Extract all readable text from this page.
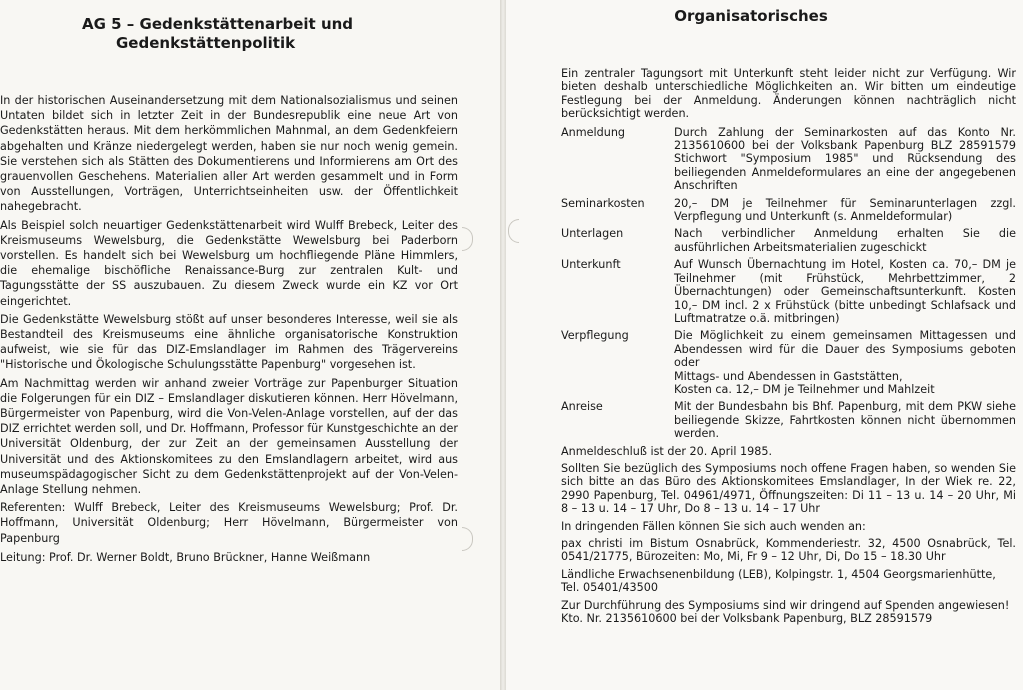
AG 5 – Gedenkstättenarbeit und
Gedenkstättenpolitik

In der historischen Auseinandersetzung mit dem Nationalsozialismus und seinen Untaten bildet sich in letzter Zeit in der Bundesrepublik eine neue Art von Gedenkstätten heraus. Mit dem herkömmlichen Mahnmal, an dem Gedenkfeiern abgehalten und Kränze niedergelegt werden, haben sie nur noch wenig gemein. Sie verstehen sich als Stätten des Dokumentierens und Informierens am Ort des grauenvollen Geschehens. Materialien aller Art werden gesammelt und in Form von Ausstellungen, Vorträgen, Unterrichtseinheiten usw. der Öffentlichkeit nahegebracht.

Als Beispiel solch neuartiger Gedenkstättenarbeit wird Wulff Brebeck, Leiter des Kreismuseums Wewelsburg, die Gedenkstätte Wewelsburg bei Paderborn vorstellen. Es handelt sich bei Wewelsburg um hochfliegende Pläne Himmlers, die ehemalige bischöfliche Renaissance-Burg zur zentralen Kult- und Tagungsstätte der SS auszubauen. Zu diesem Zweck wurde ein KZ vor Ort eingerichtet.

Die Gedenkstätte Wewelsburg stößt auf unser besonderes Interesse, weil sie als Bestandteil des Kreismuseums eine ähnliche organisatorische Konstruktion aufweist, wie sie für das DIZ-Emslandlager im Rahmen des Trägervereins "Historische und Ökologische Schulungsstätte Papenburg" vorgesehen ist.

Am Nachmittag werden wir anhand zweier Vorträge zur Papenburger Situation die Folgerungen für ein DIZ – Emslandlager diskutieren können. Herr Hövelmann, Bürgermeister von Papenburg, wird die Von-Velen-Anlage vorstellen, auf der das DIZ errichtet werden soll, und Dr. Hoffmann, Professor für Kunstgeschichte an der Universität Oldenburg, der zur Zeit an der gemeinsamen Ausstellung der Universität und des Aktionskomitees zu den Emslandlagern arbeitet, wird aus museumspädagogischer Sicht zu dem Gedenkstättenprojekt auf der Von-Velen-Anlage Stellung nehmen.

Referenten: Wulff Brebeck, Leiter des Kreismuseums Wewelsburg; Prof. Dr. Hoffmann, Universität Oldenburg; Herr Hövelmann, Bürgermeister von Papenburg

Leitung: Prof. Dr. Werner Boldt, Bruno Brückner, Hanne Weißmann

Organisatorisches

Ein zentraler Tagungsort mit Unterkunft steht leider nicht zur Verfügung. Wir bieten deshalb unterschiedliche Möglichkeiten an. Wir bitten um eindeutige Festlegung bei der Anmeldung. Änderungen können nachträglich nicht berücksichtigt werden.

Anmeldung	Durch Zahlung der Seminarkosten auf das Konto Nr. 2135610600 bei der Volksbank Papenburg BLZ 28591579 Stichwort "Symposium 1985" und Rücksendung des beiliegenden Anmeldeformulares an eine der angegebenen Anschriften
Seminarkosten	20,– DM je Teilnehmer für Seminarunterlagen zzgl. Verpflegung und Unterkunft (s. Anmeldeformular)
Unterlagen	Nach verbindlicher Anmeldung erhalten Sie die ausführlichen Arbeitsmaterialien zugeschickt
Unterkunft	Auf Wunsch Übernachtung im Hotel, Kosten ca. 70,– DM je Teilnehmer (mit Frühstück, Mehrbettzimmer, 2 Übernachtungen) oder Gemeinschaftsunterkunft. Kosten 10,– DM incl. 2 x Frühstück (bitte unbedingt Schlafsack und Luftmatratze o.ä. mitbringen)
Verpflegung	Die Möglichkeit zu einem gemeinsamen Mittagessen und Abendessen wird für die Dauer des Symposiums geboten oder
Mittags- und Abendessen in Gaststätten,
Kosten ca. 12,– DM je Teilnehmer und Mahlzeit
Anreise	Mit der Bundesbahn bis Bhf. Papenburg, mit dem PKW siehe beiliegende Skizze, Fahrtkosten können nicht übernommen werden.

Anmeldeschluß ist der 20. April 1985.

Sollten Sie bezüglich des Symposiums noch offene Fragen haben, so wenden Sie sich bitte an das Büro des Aktionskomitees Emslandlager, In der Wiek re. 22, 2990 Papenburg, Tel. 04961/4971, Öffnungszeiten: Di 11 – 13 u. 14 – 20 Uhr, Mi 8 – 13 u. 14 – 17 Uhr, Do 8 – 13 u. 14 – 17 Uhr

In dringenden Fällen können Sie sich auch wenden an:

pax christi im Bistum Osnabrück, Kommenderiestr. 32, 4500 Osnabrück, Tel. 0541/21775, Bürozeiten: Mo, Mi, Fr 9 – 12 Uhr, Di, Do 15 – 18.30 Uhr

Ländliche Erwachsenenbildung (LEB), Kolpingstr. 1, 4504 Georgsmarienhütte, Tel. 05401/43500

Zur Durchführung des Symposiums sind wir dringend auf Spenden angewiesen!

Kto. Nr. 2135610600 bei der Volksbank Papenburg, BLZ 28591579
